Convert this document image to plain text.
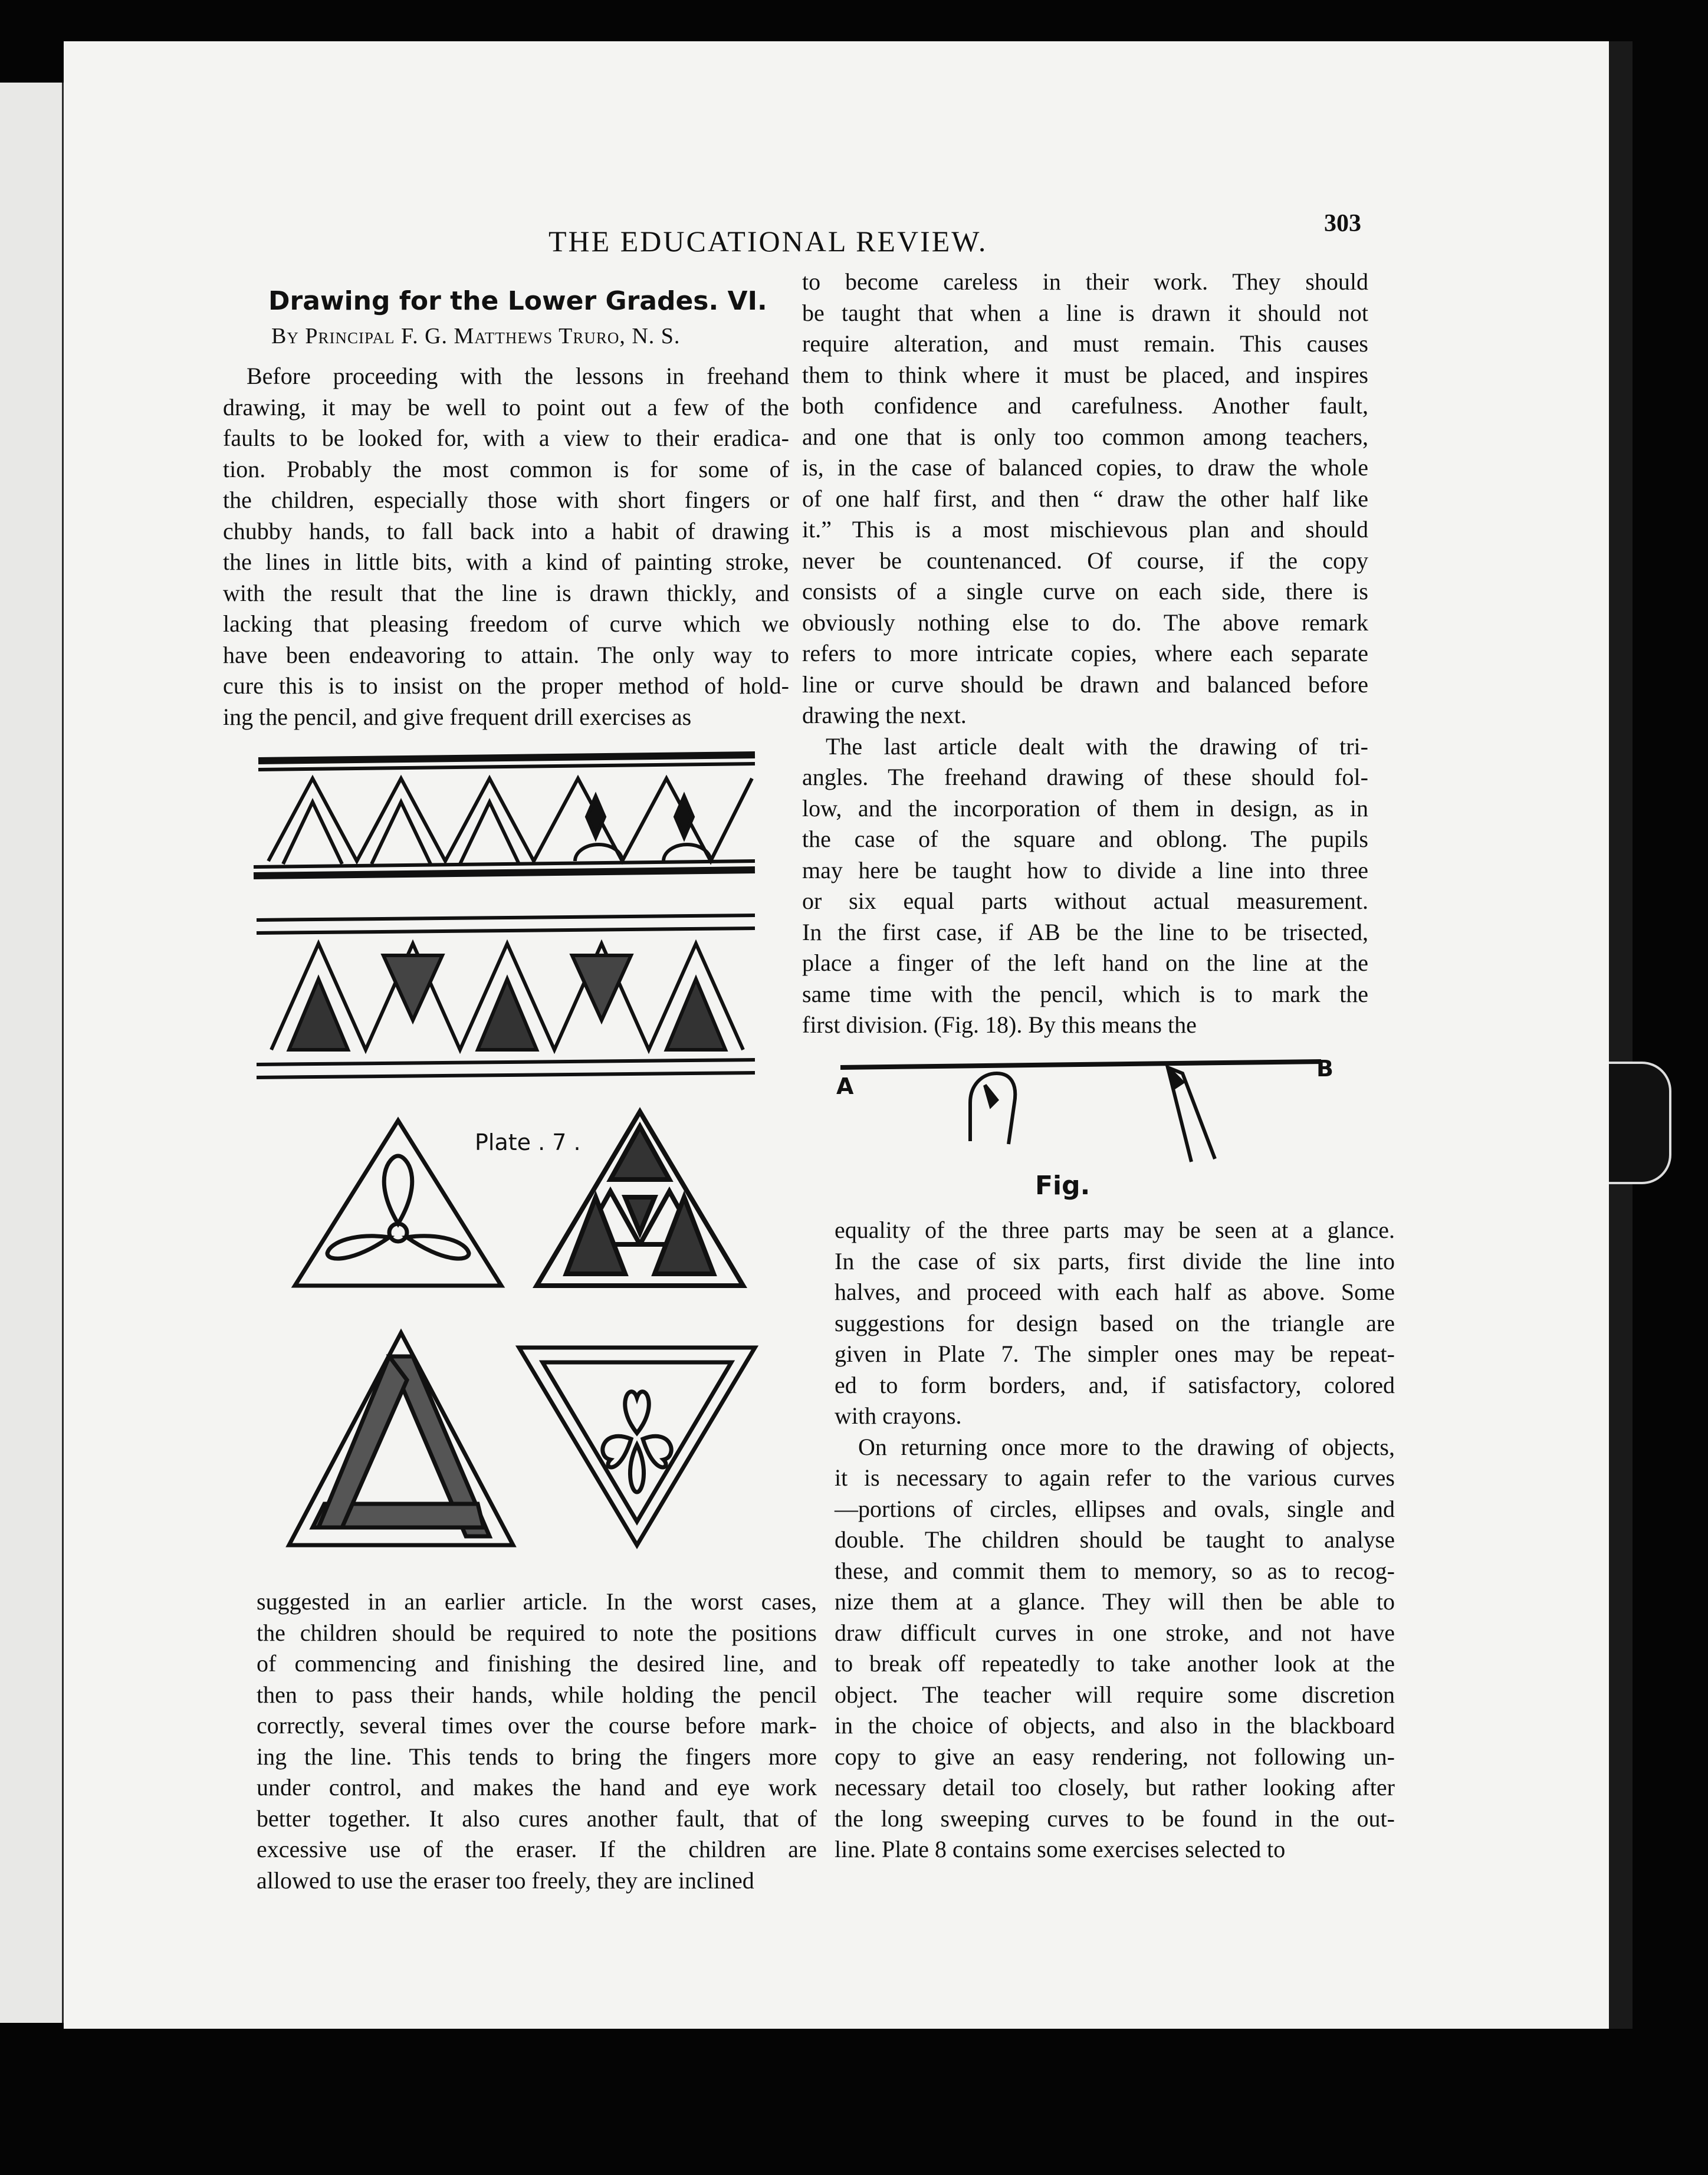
THE EDUCATIONAL REVIEW.
303
Drawing for the Lower Grades. VI.
By Principal F. G. Matthews Truro, N. S.
Before proceeding with the lessons in freehand
drawing, it may be well to point out a few of the
faults to be looked for, with a view to their eradica-
tion. Probably the most common is for some of
the children, especially those with short fingers or
chubby hands, to fall back into a habit of drawing
the lines in little bits, with a kind of painting stroke,
with the result that the line is drawn thickly, and
lacking that pleasing freedom of curve which we
have been endeavoring to attain. The only way to
cure this is to insist on the proper method of hold-
ing the pencil, and give frequent drill exercises as
suggested in an earlier article. In the worst cases,
the children should be required to note the positions
of commencing and finishing the desired line, and
then to pass their hands, while holding the pencil
correctly, several times over the course before mark-
ing the line. This tends to bring the fingers more
under control, and makes the hand and eye work
better together. It also cures another fault, that of
excessive use of the eraser. If the children are
allowed to use the eraser too freely, they are inclined
to become careless in their work. They should
be taught that when a line is drawn it should not
require alteration, and must remain. This causes
them to think where it must be placed, and inspires
both confidence and carefulness. Another fault,
and one that is only too common among teachers,
is, in the case of balanced copies, to draw the whole
of one half first, and then “ draw the other half like
it.” This is a most mischievous plan and should
never be countenanced. Of course, if the copy
consists of a single curve on each side, there is
obviously nothing else to do. The above remark
refers to more intricate copies, where each separate
line or curve should be drawn and balanced before
drawing the next.
The last article dealt with the drawing of tri-
angles. The freehand drawing of these should fol-
low, and the incorporation of them in design, as in
the case of the square and oblong. The pupils
may here be taught how to divide a line into three
or six equal parts without actual measurement.
In the first case, if AB be the line to be trisected,
place a finger of the left hand on the line at the
same time with the pencil, which is to mark the
first division. (Fig. 18). By this means the
equality of the three parts may be seen at a glance.
In the case of six parts, first divide the line into
halves, and proceed with each half as above. Some
suggestions for design based on the triangle are
given in Plate 7. The simpler ones may be repeat-
ed to form borders, and, if satisfactory, colored
with crayons.
On returning once more to the drawing of objects,
it is necessary to again refer to the various curves
—portions of circles, ellipses and ovals, single and
double. The children should be taught to analyse
these, and commit them to memory, so as to recog-
nize them at a glance. They will then be able to
draw difficult curves in one stroke, and not have
to break off repeatedly to take another look at the
object. The teacher will require some discretion
in the choice of objects, and also in the blackboard
copy to give an easy rendering, not following un-
necessary detail too closely, but rather looking after
the long sweeping curves to be found in the out-
line. Plate 8 contains some exercises selected to
Plate . 7 .
A
B
Fig.
